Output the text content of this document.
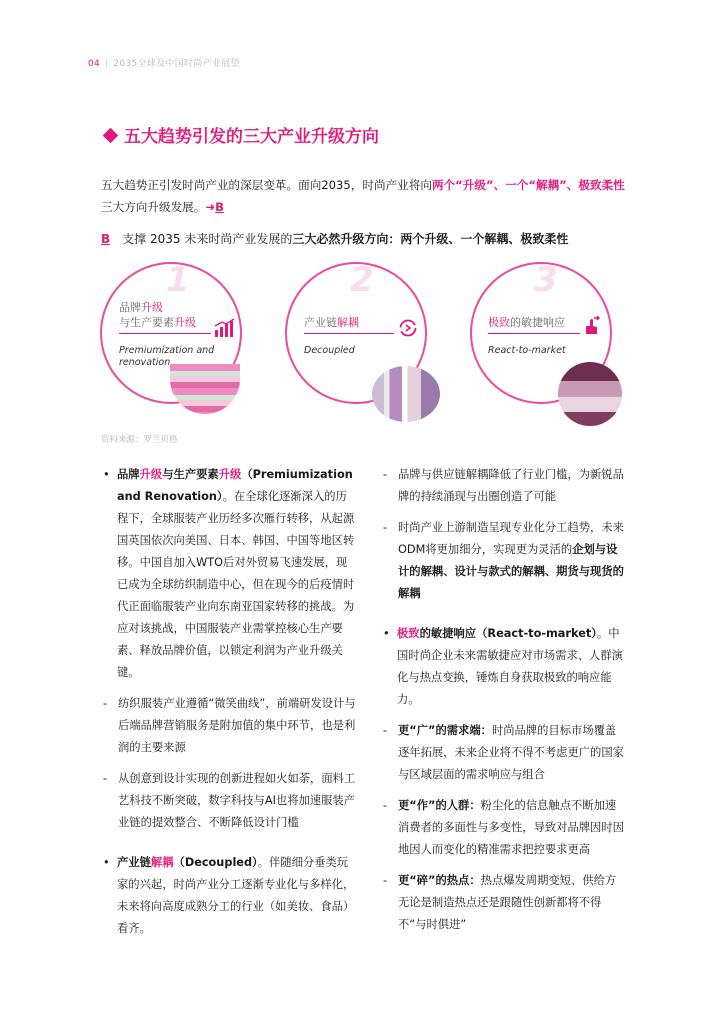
04 | 2035全球及中国时尚产业展望
五大趋势引发的三大产业升级方向
五大趋势正引发时尚产业的深层变革。面向2035，时尚产业将向两个“升级”、一个“解耦”、极致柔性
三大方向升级发展。➜B
B 支撑 2035 未来时尚产业发展的三大必然升级方向：两个升级、一个解耦、极致柔性
1
品牌升级
与生产要素升级
Premiumization and
renovation
2
产业链解耦
Decoupled
3
极致的敏捷响应
React-to-market
资料来源：罗兰贝格

• 品牌升级与生产要素升级（Premiumization and Renovation）。在全球化逐渐深入的历程下，全球服装产业历经多次雁行转移，从起源国英国依次向美国、日本、韩国、中国等地区转移。中国自加入WTO后对外贸易飞速发展，现已成为全球纺织制造中心，但在现今的后疫情时代正面临服装产业向东南亚国家转移的挑战。为应对该挑战，中国服装产业需掌控核心生产要素、释放品牌价值，以锁定利润为产业升级关键。

- 纺织服装产业遵循“微笑曲线”，前端研发设计与后端品牌营销服务是附加值的集中环节，也是利润的主要来源

- 从创意到设计实现的创新进程如火如荼，面料工艺科技不断突破，数字科技与AI也将加速服装产业链的提效整合、不断降低设计门槛

• 产业链解耦（Decoupled）。伴随细分垂类玩家的兴起，时尚产业分工逐渐专业化与多样化，未来将向高度成熟分工的行业（如美妆、食品）看齐。

- 品牌与供应链解耦降低了行业门槛，为新锐品牌的持续涌现与出圈创造了可能

- 时尚产业上游制造呈现专业化分工趋势，未来ODM将更加细分，实现更为灵活的企划与设计的解耦、设计与款式的解耦、期货与现货的解耦

• 极致的敏捷响应（React-to-market）。中国时尚企业未来需敏捷应对市场需求、人群演化与热点变换，锤炼自身获取极致的响应能力。

- 更“广”的需求端：时尚品牌的目标市场覆盖逐年拓展，未来企业将不得不考虑更广的国家与区域层面的需求响应与组合

- 更“作”的人群：粉尘化的信息触点不断加速消费者的多面性与多变性，导致对品牌因时因地因人而变化的精准需求把控要求更高

- 更“碎”的热点：热点爆发周期变短、供给方无论是制造热点还是跟随性创新都将不得不“与时俱进”
